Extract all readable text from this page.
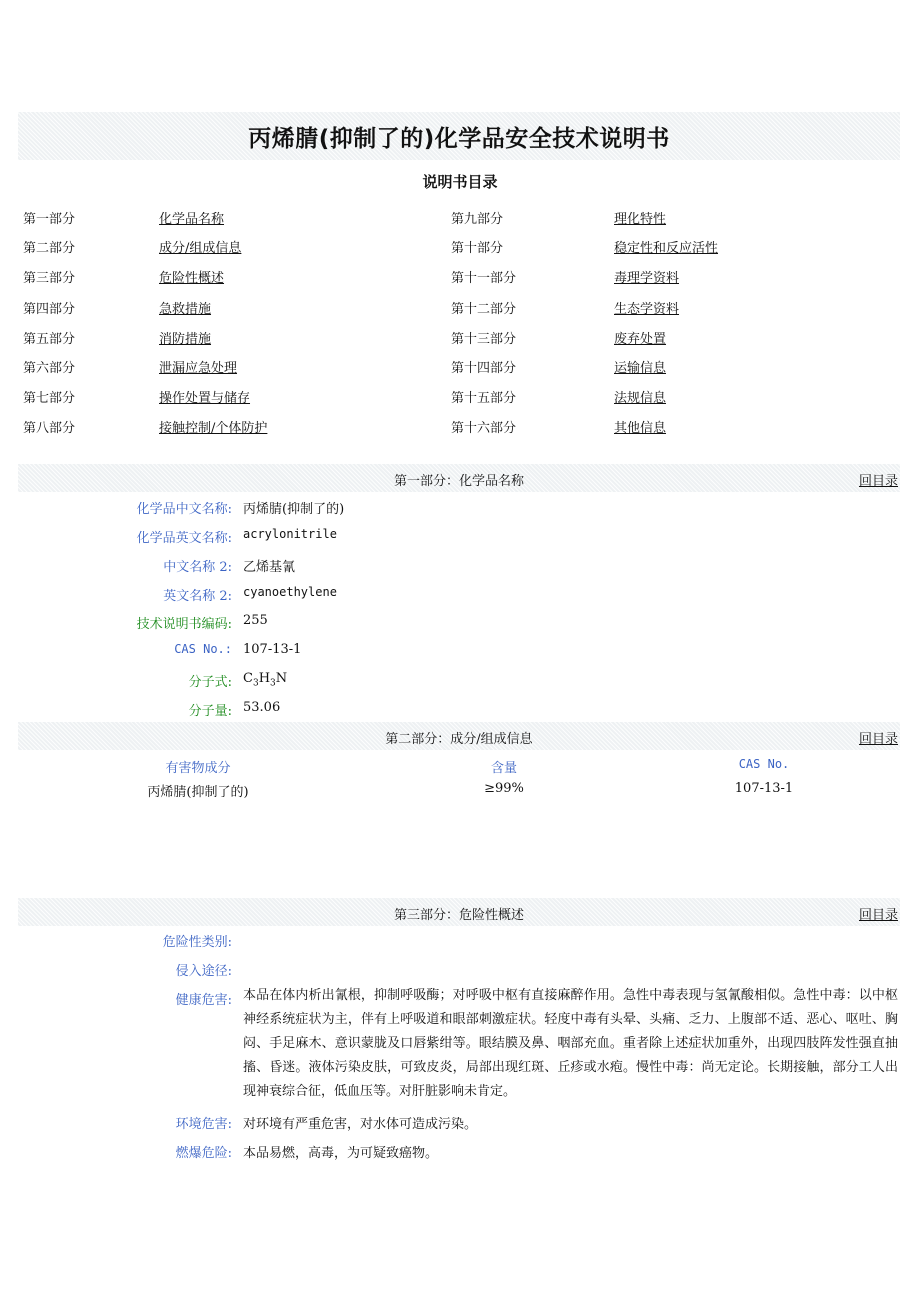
丙烯腈(抑制了的)化学品安全技术说明书
说明书目录
第一部分	化学品名称	第九部分	理化特性
第二部分	成分/组成信息	第十部分	稳定性和反应活性
第三部分	危险性概述	第十一部分	毒理学资料
第四部分	急救措施	第十二部分	生态学资料
第五部分	消防措施	第十三部分	废弃处置
第六部分	泄漏应急处理	第十四部分	运输信息
第七部分	操作处置与储存	第十五部分	法规信息
第八部分	接触控制/个体防护	第十六部分	其他信息
第一部分：化学品名称	回目录
化学品中文名称: 丙烯腈(抑制了的)
化学品英文名称: acrylonitrile
中文名称 2: 乙烯基氰
英文名称 2: cyanoethylene
技术说明书编码: 255
CAS No.: 107-13-1
分子式: $C_3H_3N$
分子量: 53.06
第二部分：成分/组成信息	回目录
有害物成分	含量	CAS No.
丙烯腈(抑制了的)	≥99%	107-13-1
第三部分：危险性概述	回目录
危险性类别:
侵入途径:
健康危害: 本品在体内析出氰根，抑制呼吸酶；对呼吸中枢有直接麻醉作用。急性中毒表现与氢氰酸相似。急性中毒：以中枢神经系统症状为主，伴有上呼吸道和眼部刺激症状。轻度中毒有头晕、头痛、乏力、上腹部不适、恶心、呕吐、胸闷、手足麻木、意识蒙胧及口唇紫绀等。眼结膜及鼻、咽部充血。重者除上述症状加重外，出现四肢阵发性强直抽搐、昏迷。液体污染皮肤，可致皮炎，局部出现红斑、丘疹或水疱。慢性中毒：尚无定论。长期接触，部分工人出现神衰综合征，低血压等。对肝脏影响未肯定。
环境危害: 对环境有严重危害，对水体可造成污染。
燃爆危险: 本品易燃，高毒，为可疑致癌物。
